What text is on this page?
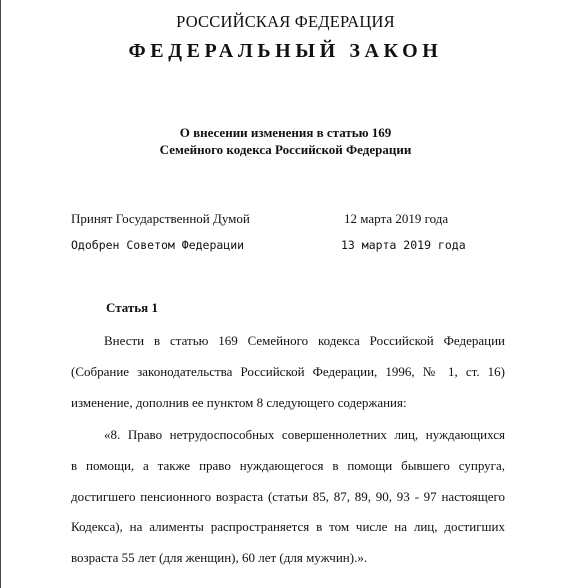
РОССИЙСКАЯ ФЕДЕРАЦИЯ
ФЕДЕРАЛЬНЫЙ ЗАКОН
О внесении изменения в статью 169
Семейного кодекса Российской Федерации
Принят Государственной Думой	12 марта 2019 года
Одобрен Советом Федерации	13 марта 2019 года
Статья 1
Внести в статью 169 Семейного кодекса Российской Федерации
(Собрание законодательства Российской Федерации, 1996, № 1, ст. 16)
изменение, дополнив ее пунктом 8 следующего содержания:
«8. Право нетрудоспособных совершеннолетних лиц, нуждающихся
в помощи, а также право нуждающегося в помощи бывшего супруга,
достигшего пенсионного возраста (статьи 85, 87, 89, 90, 93 - 97 настоящего
Кодекса), на алименты распространяется в том числе на лиц, достигших
возраста 55 лет (для женщин), 60 лет (для мужчин).».
